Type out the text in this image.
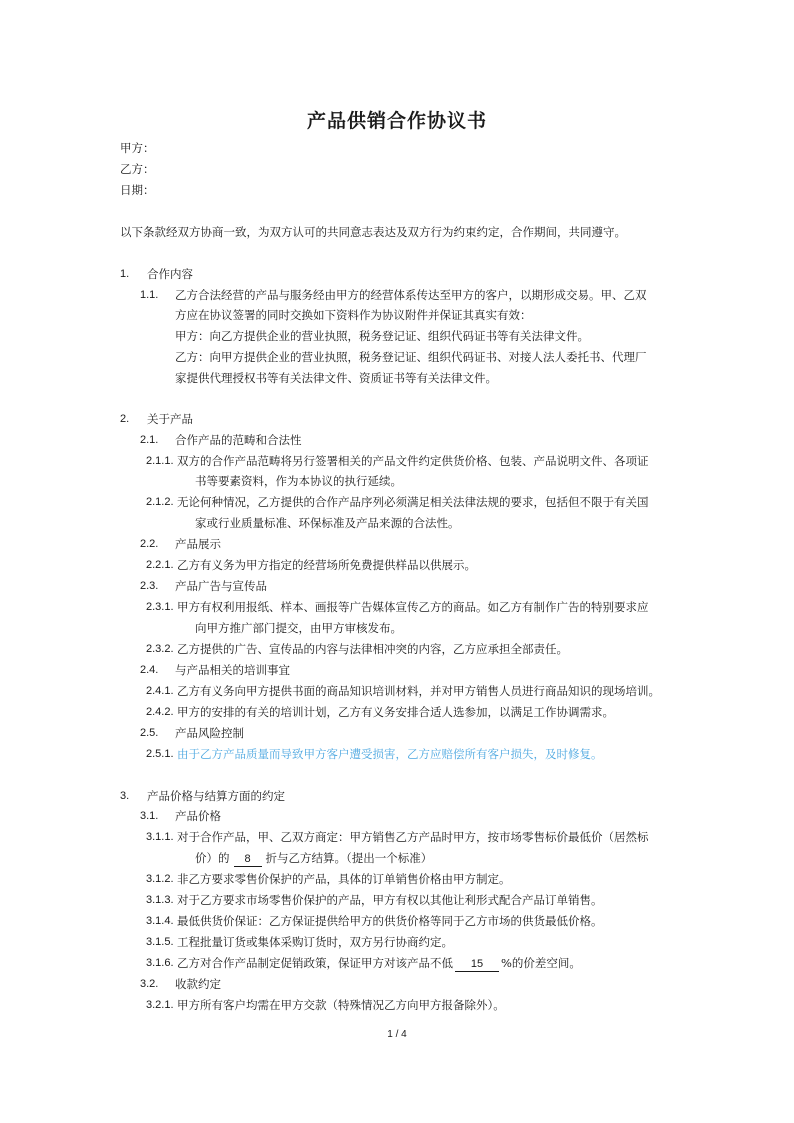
产品供销合作协议书
甲方：
乙方：
日期：
以下条款经双方协商一致，为双方认可的共同意志表达及双方行为约束约定，合作期间，共同遵守。
1. 合作内容
1.1. 乙方合法经营的产品与服务经由甲方的经营体系传达至甲方的客户，以期形成交易。甲、乙双
方应在协议签署的同时交换如下资料作为协议附件并保证其真实有效：
甲方：向乙方提供企业的营业执照，税务登记证、组织代码证书等有关法律文件。
乙方：向甲方提供企业的营业执照，税务登记证、组织代码证书、对接人法人委托书、代理厂
家提供代理授权书等有关法律文件、资质证书等有关法律文件。
2. 关于产品
2.1. 合作产品的范畴和合法性
2.1.1. 双方的合作产品范畴将另行签署相关的产品文件约定供货价格、包装、产品说明文件、各项证
书等要素资料，作为本协议的执行延续。
2.1.2. 无论何种情况，乙方提供的合作产品序列必须满足相关法律法规的要求，包括但不限于有关国
家或行业质量标准、环保标准及产品来源的合法性。
2.2. 产品展示
2.2.1. 乙方有义务为甲方指定的经营场所免费提供样品以供展示。
2.3. 产品广告与宣传品
2.3.1. 甲方有权利用报纸、样本、画报等广告媒体宣传乙方的商品。如乙方有制作广告的特别要求应
向甲方推广部门提交，由甲方审核发布。
2.3.2. 乙方提供的广告、宣传品的内容与法律相冲突的内容，乙方应承担全部责任。
2.4. 与产品相关的培训事宜
2.4.1. 乙方有义务向甲方提供书面的商品知识培训材料，并对甲方销售人员进行商品知识的现场培训。
2.4.2. 甲方的安排的有关的培训计划，乙方有义务安排合适人选参加，以满足工作协调需求。
2.5. 产品风险控制
2.5.1. 由于乙方产品质量而导致甲方客户遭受损害，乙方应赔偿所有客户损失，及时修复。
3. 产品价格与结算方面的约定
3.1. 产品价格
3.1.1. 对于合作产品，甲、乙双方商定：甲方销售乙方产品时甲方，按市场零售标价最低价（居然标
价）的 8 折与乙方结算。（提出一个标准）
3.1.2. 非乙方要求零售价保护的产品，具体的订单销售价格由甲方制定。
3.1.3. 对于乙方要求市场零售价保护的产品，甲方有权以其他让利形式配合产品订单销售。
3.1.4. 最低供货价保证：乙方保证提供给甲方的供货价格等同于乙方市场的供货最低价格。
3.1.5. 工程批量订货或集体采购订货时，双方另行协商约定。
3.1.6. 乙方对合作产品制定促销政策，保证甲方对该产品不低 15 %的价差空间。
3.2. 收款约定
3.2.1. 甲方所有客户均需在甲方交款（特殊情况乙方向甲方报备除外）。
1 / 4
